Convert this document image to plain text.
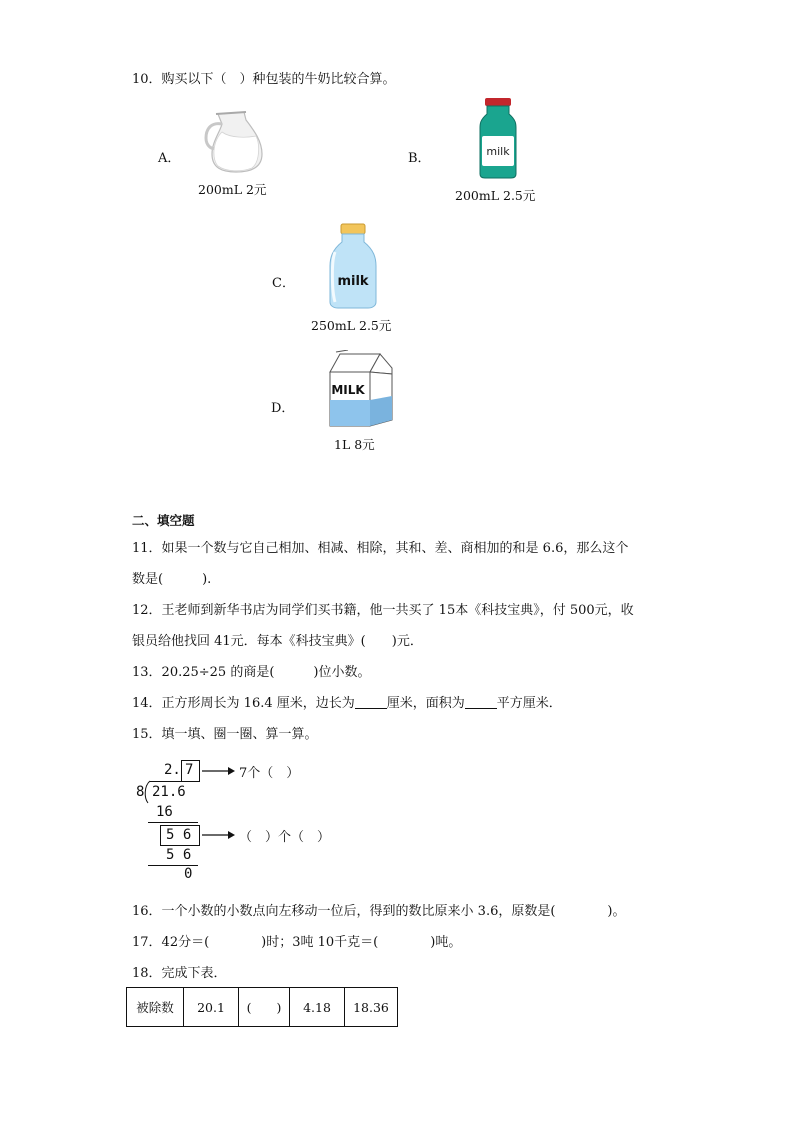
10．购买以下（　）种包装的牛奶比较合算。
A．
200mL 2元
B．	milk
200mL 2.5元
C．	milk
250mL 2.5元
D．
MILK
1L 8元
二、填空题
11．如果一个数与它自己相加、相减、相除，其和、差、商相加的和是 6.6，那么这个
数是(　　　).
12．王老师到新华书店为同学们买书籍，他一共买了 15本《科技宝典》，付 500元，收
银员给他找回 41元．每本《科技宝典》(　　)元．
13．20.25÷25 的商是(　　　)位小数。
14．正方形周长为 16.4 厘米，边长为 厘米，面积为 平方厘米．
15．填一填、圈一圈、算一算。
2. 7
8 21.6
16
5 6
5 6
0
7个（　）
（　）个（　）
16．一个小数的小数点向左移动一位后，得到的数比原来小 3.6，原数是(　　　　)。
17．42分＝(　　　　)时；3吨 10千克＝(　　　　)吨。
18．完成下表．
被除数	20.1	(　　)	4.18	18.36
